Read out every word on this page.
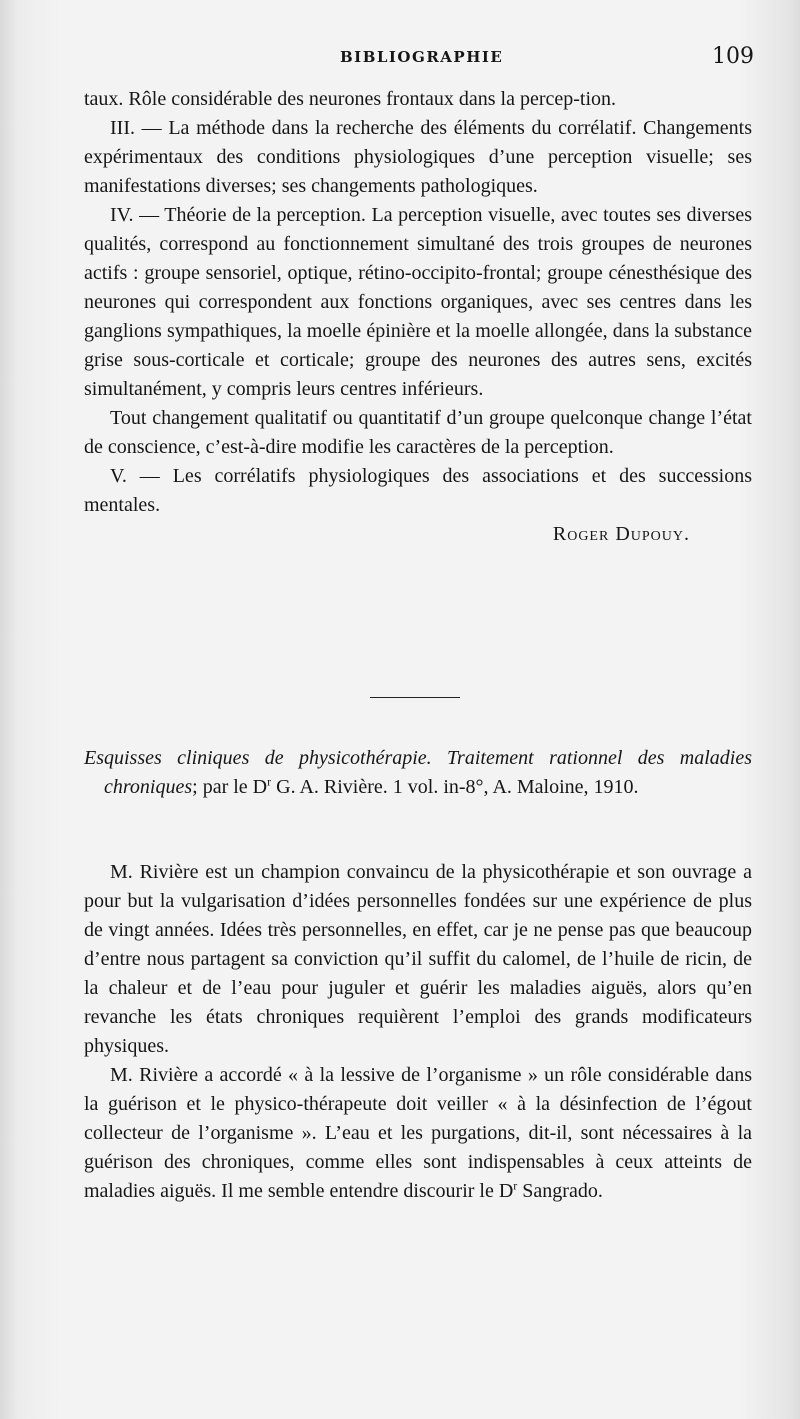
BIBLIOGRAPHIE	109

taux. Rôle considérable des neurones frontaux dans la percep-tion.

III. — La méthode dans la recherche des éléments du corrélatif. Changements expérimentaux des conditions physiologiques d’une perception visuelle; ses manifestations diverses; ses changements pathologiques.

IV. — Théorie de la perception. La perception visuelle, avec toutes ses diverses qualités, correspond au fonctionnement simultané des trois groupes de neurones actifs : groupe sensoriel, optique, rétino-occipito-frontal; groupe cénesthésique des neurones qui correspondent aux fonctions organiques, avec ses centres dans les ganglions sympathiques, la moelle épinière et la moelle allongée, dans la substance grise sous-corticale et corticale; groupe des neurones des autres sens, excités simultanément, y compris leurs centres inférieurs.

Tout changement qualitatif ou quantitatif d’un groupe quelconque change l’état de conscience, c’est-à-dire modifie les caractères de la perception.

V. — Les corrélatifs physiologiques des associations et des successions mentales.

Roger Dupouy.

Esquisses cliniques de physicothérapie. Traitement rationnel des maladies chroniques; par le $D^r$ G. A. Rivière. 1 vol. in-8°, A. Maloine, 1910.

M. Rivière est un champion convaincu de la physicothérapie et son ouvrage a pour but la vulgarisation d’idées personnelles fondées sur une expérience de plus de vingt années. Idées très personnelles, en effet, car je ne pense pas que beaucoup d’entre nous partagent sa conviction qu’il suffit du calomel, de l’huile de ricin, de la chaleur et de l’eau pour juguler et guérir les maladies aiguës, alors qu’en revanche les états chroniques requièrent l’emploi des grands modificateurs physiques.

M. Rivière a accordé « à la lessive de l’organisme » un rôle considérable dans la guérison et le physico-thérapeute doit veiller « à la désinfection de l’égout collecteur de l’organisme ». L’eau et les purgations, dit-il, sont nécessaires à la guérison des chroniques, comme elles sont indispensables à ceux atteints de maladies aiguës. Il me semble entendre discourir le $D^r$ Sangrado.
